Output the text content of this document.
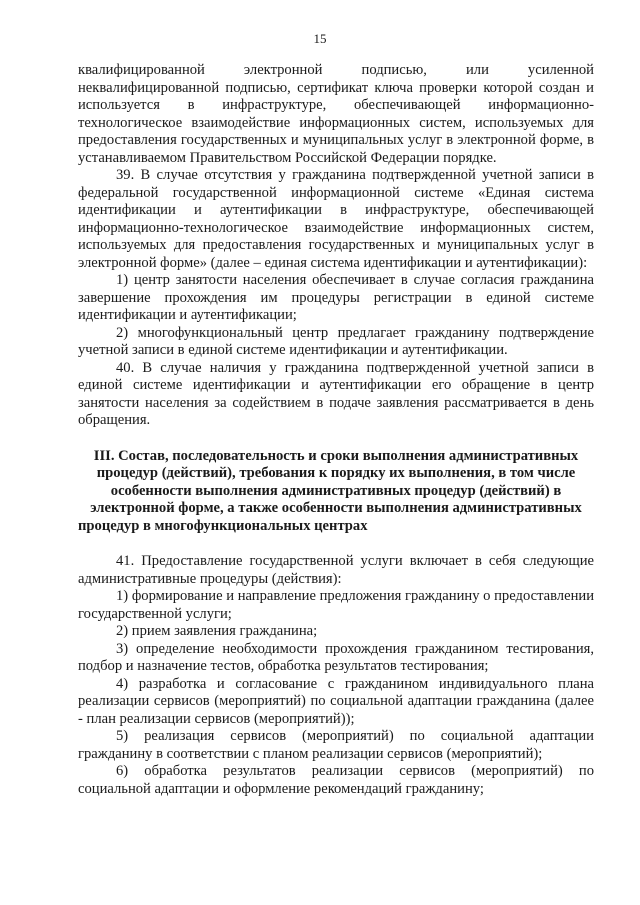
15

квалифицированной электронной подписью, или усиленной неквалифицированной подписью, сертификат ключа проверки которой создан и используется в инфраструктуре, обеспечивающей информационно-технологическое взаимодействие информационных систем, используемых для предоставления государственных и муниципальных услуг в электронной форме, в устанавливаемом Правительством Российской Федерации порядке.

39. В случае отсутствия у гражданина подтвержденной учетной записи в федеральной государственной информационной системе «Единая система идентификации и аутентификации в инфраструктуре, обеспечивающей информационно-технологическое взаимодействие информационных систем, используемых для предоставления государственных и муниципальных услуг в электронной форме» (далее – единая система идентификации и аутентификации):

1) центр занятости населения обеспечивает в случае согласия гражданина завершение прохождения им процедуры регистрации в единой системе идентификации и аутентификации;

2) многофункциональный центр предлагает гражданину подтверждение учетной записи в единой системе идентификации и аутентификации.

40. В случае наличия у гражданина подтвержденной учетной записи в единой системе идентификации и аутентификации его обращение в центр занятости населения за содействием в подаче заявления рассматривается в день обращения.

III. Состав, последовательность и сроки выполнения административных процедур (действий), требования к порядку их выполнения, в том числе особенности выполнения административных процедур (действий) в электронной форме, а также особенности выполнения административных процедур в многофункциональных центрах

41. Предоставление государственной услуги включает в себя следующие административные процедуры (действия):

1) формирование и направление предложения гражданину о предоставлении государственной услуги;

2) прием заявления гражданина;

3) определение необходимости прохождения гражданином тестирования, подбор и назначение тестов, обработка результатов тестирования;

4) разработка и согласование с гражданином индивидуального плана реализации сервисов (мероприятий) по социальной адаптации гражданина (далее - план реализации сервисов (мероприятий));

5) реализация сервисов (мероприятий) по социальной адаптации гражданину в соответствии с планом реализации сервисов (мероприятий);

6) обработка результатов реализации сервисов (мероприятий) по социальной адаптации и оформление рекомендаций гражданину;
